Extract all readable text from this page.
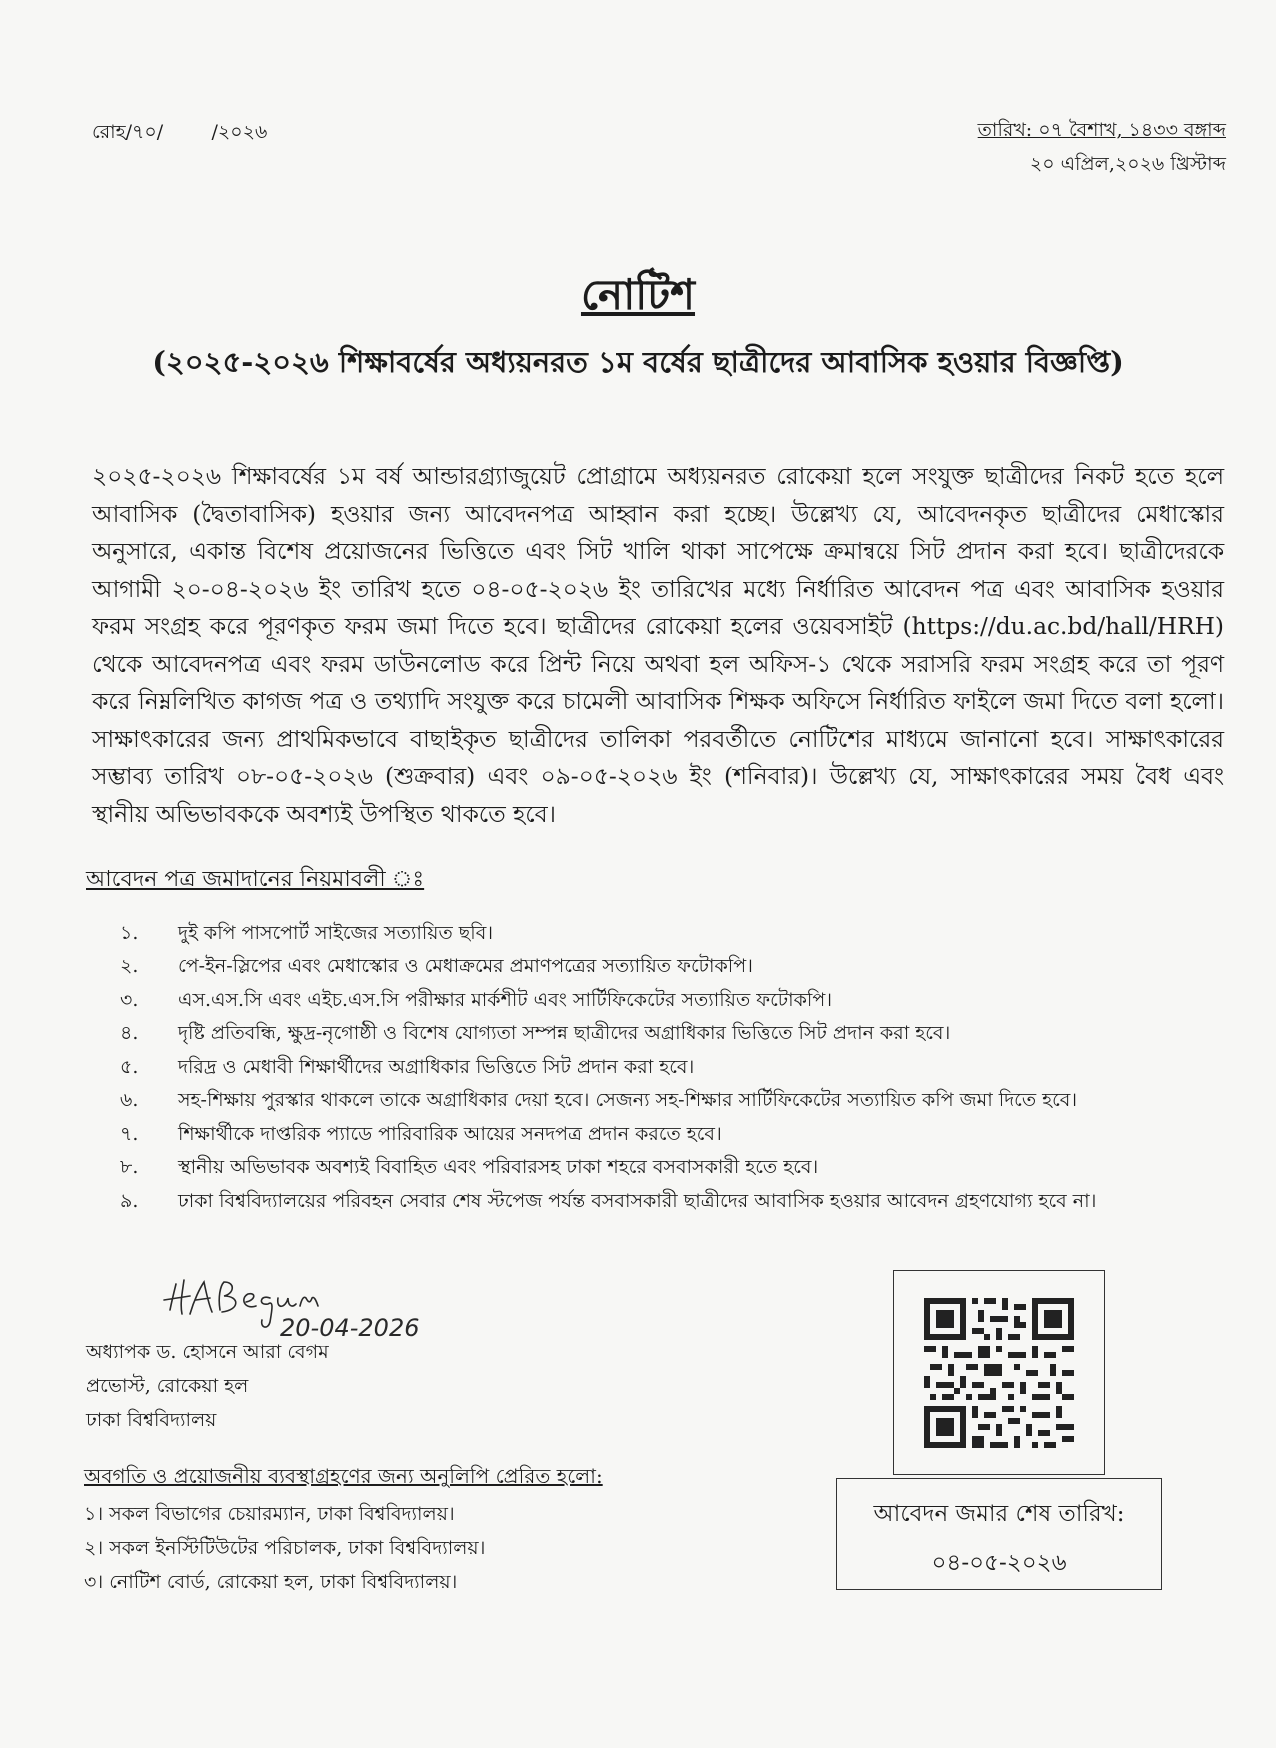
রোহ/৭০/        /২০২৬	তারিখ: ০৭ বৈশাখ, ১৪৩৩ বঙ্গাব্দ
২০ এপ্রিল,২০২৬ খ্রিস্টাব্দ
নোটিশ
(২০২৫-২০২৬ শিক্ষাবর্ষের অধ্যয়নরত ১ম বর্ষের ছাত্রীদের আবাসিক হওয়ার বিজ্ঞপ্তি)
২০২৫-২০২৬ শিক্ষাবর্ষের ১ম বর্ষ আন্ডারগ্র্যাজুয়েট প্রোগ্রামে অধ্যয়নরত রোকেয়া হলে সংযুক্ত ছাত্রীদের নিকট হতে হলে আবাসিক (দ্বৈতাবাসিক) হওয়ার জন্য আবেদনপত্র আহ্বান করা হচ্ছে। উল্লেখ্য যে, আবেদনকৃত ছাত্রীদের মেধাস্কোর অনুসারে, একান্ত বিশেষ প্রয়োজনের ভিত্তিতে এবং সিট খালি থাকা সাপেক্ষে ক্রমান্বয়ে সিট প্রদান করা হবে। ছাত্রীদেরকে আগামী ২০-০৪-২০২৬ ইং তারিখ হতে ০৪-০৫-২০২৬ ইং তারিখের মধ্যে নির্ধারিত আবেদন পত্র এবং আবাসিক হওয়ার ফরম সংগ্রহ করে পূরণকৃত ফরম জমা দিতে হবে। ছাত্রীদের রোকেয়া হলের ওয়েবসাইট (https://du.ac.bd/hall/HRH) থেকে আবেদনপত্র এবং ফরম ডাউনলোড করে প্রিন্ট নিয়ে অথবা হল অফিস-১ থেকে সরাসরি ফরম সংগ্রহ করে তা পূরণ করে নিম্নলিখিত কাগজ পত্র ও তথ্যাদি সংযুক্ত করে চামেলী আবাসিক শিক্ষক অফিসে নির্ধারিত ফাইলে জমা দিতে বলা হলো। সাক্ষাৎকারের জন্য প্রাথমিকভাবে বাছাইকৃত ছাত্রীদের তালিকা পরবর্তীতে নোটিশের মাধ্যমে জানানো হবে। সাক্ষাৎকারের সম্ভাব্য তারিখ ০৮-০৫-২০২৬ (শুক্রবার) এবং ০৯-০৫-২০২৬ ইং (শনিবার)। উল্লেখ্য যে, সাক্ষাৎকারের সময় বৈধ এবং স্থানীয় অভিভাবককে অবশ্যই উপস্থিত থাকতে হবে।
আবেদন পত্র জমাদানের নিয়মাবলী ঃ
১.	দুই কপি পাসপোর্ট সাইজের সত্যায়িত ছবি।
২.	পে-ইন-স্লিপের এবং মেধাস্কোর ও মেধাক্রমের প্রমাণপত্রের সত্যায়িত ফটোকপি।
৩.	এস.এস.সি এবং এইচ.এস.সি পরীক্ষার মার্কশীট এবং সার্টিফিকেটের সত্যায়িত ফটোকপি।
৪.	দৃষ্টি প্রতিবন্ধি, ক্ষুদ্র-নৃগোষ্ঠী ও বিশেষ যোগ্যতা সম্পন্ন ছাত্রীদের অগ্রাধিকার ভিত্তিতে সিট প্রদান করা হবে।
৫.	দরিদ্র ও মেধাবী শিক্ষার্থীদের অগ্রাধিকার ভিত্তিতে সিট প্রদান করা হবে।
৬.	সহ-শিক্ষায় পুরস্কার থাকলে তাকে অগ্রাধিকার দেয়া হবে। সেজন্য সহ-শিক্ষার সার্টিফিকেটের সত্যায়িত কপি জমা দিতে হবে।
৭.	শিক্ষার্থীকে দাপ্তরিক প্যাডে পারিবারিক আয়ের সনদপত্র প্রদান করতে হবে।
৮.	স্থানীয় অভিভাবক অবশ্যই বিবাহিত এবং পরিবারসহ ঢাকা শহরে বসবাসকারী হতে হবে।
৯.	ঢাকা বিশ্ববিদ্যালয়ের পরিবহন সেবার শেষ স্টপেজ পর্যন্ত বসবাসকারী ছাত্রীদের আবাসিক হওয়ার আবেদন গ্রহণযোগ্য হবে না।
20-04-2026
অধ্যাপক ড. হোসনে আরা বেগম
প্রভোস্ট, রোকেয়া হল
ঢাকা বিশ্ববিদ্যালয়
অবগতি ও প্রয়োজনীয় ব্যবস্থাগ্রহণের জন্য অনুলিপি প্রেরিত হলো:
১। সকল বিভাগের চেয়ারম্যান, ঢাকা বিশ্ববিদ্যালয়।
২। সকল ইনস্টিটিউটের পরিচালক, ঢাকা বিশ্ববিদ্যালয়।
৩। নোটিশ বোর্ড, রোকেয়া হল, ঢাকা বিশ্ববিদ্যালয়।
আবেদন জমার শেষ তারিখ:
০৪-০৫-২০২৬
